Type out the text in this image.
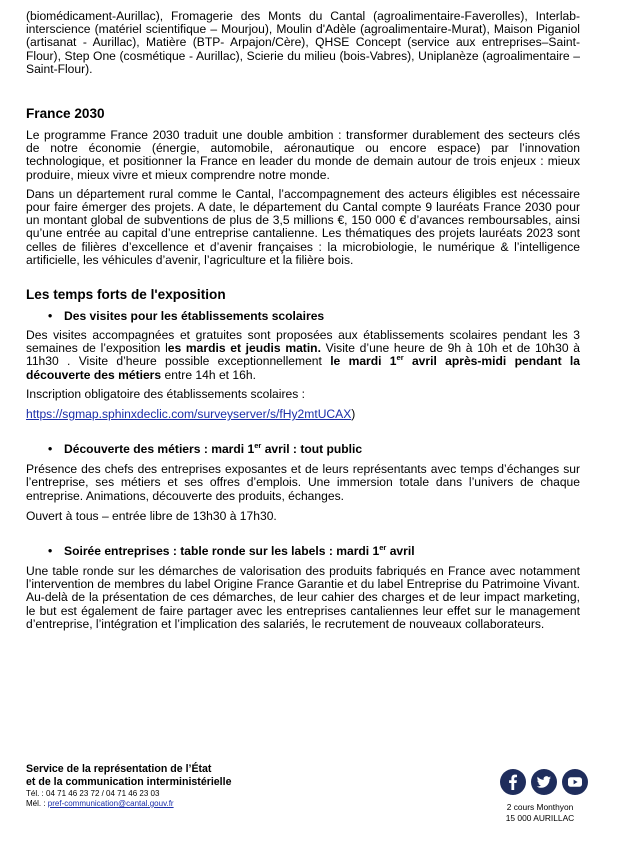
(biomédicament-Aurillac), Fromagerie des Monts du Cantal (agroalimentaire-Faverolles), Interlab-interscience (matériel scientifique – Mourjou), Moulin d'Adèle (agroalimentaire-Murat), Maison Piganiol (artisanat - Aurillac), Matière (BTP- Arpajon/Cère), QHSE Concept (service aux entreprises–Saint-Flour), Step One (cosmétique - Aurillac), Scierie du milieu (bois-Vabres), Uniplanèze (agroalimentaire – Saint-Flour).

France 2030

Le programme France 2030 traduit une double ambition : transformer durablement des secteurs clés de notre économie (énergie, automobile, aéronautique ou encore espace) par l’innovation technologique, et positionner la France en leader du monde de demain autour de trois enjeux : mieux produire, mieux vivre et mieux comprendre notre monde.

Dans un département rural comme le Cantal, l’accompagnement des acteurs éligibles est nécessaire pour faire émerger des projets. A date, le département du Cantal compte 9 lauréats France 2030 pour un montant global de subventions de plus de 3,5 millions €, 150 000 € d’avances remboursables, ainsi qu’une entrée au capital d’une entreprise cantalienne. Les thématiques des projets lauréats 2023 sont celles de filières d’excellence et d’avenir françaises : la microbiologie, le numérique & l’intelligence artificielle, les véhicules d’avenir, l’agriculture et la filière bois.

Les temps forts de l'exposition
• Des visites pour les établissements scolaires

Des visites accompagnées et gratuites sont proposées aux établissements scolaires pendant les 3 semaines de l’exposition les mardis et jeudis matin. Visite d’une heure de 9h à 10h et de 10h30 à 11h30 . Visite d’heure possible exceptionnellement le mardi 1er avril après-midi pendant la découverte des métiers entre 14h et 16h.

Inscription obligatoire des établissements scolaires :

https://sgmap.sphinxdeclic.com/surveyserver/s/fHy2mtUCAX)

• Découverte des métiers : mardi 1er avril : tout public

Présence des chefs des entreprises exposantes et de leurs représentants avec temps d’échanges sur l’entreprise, ses métiers et ses offres d’emplois. Une immersion totale dans l’univers de chaque entreprise. Animations, découverte des produits, échanges.

Ouvert à tous – entrée libre de 13h30 à 17h30.

• Soirée entreprises : table ronde sur les labels : mardi 1er avril

Une table ronde sur les démarches de valorisation des produits fabriqués en France avec notamment l’intervention de membres du label Origine France Garantie et du label Entreprise du Patrimoine Vivant. Au-delà de la présentation de ces démarches, de leur cahier des charges et de leur impact marketing, le but est également de faire partager avec les entreprises cantaliennes leur effet sur le management d’entreprise, l’intégration et l’implication des salariés, le recrutement de nouveaux collaborateurs.

Service de la représentation de l’État
et de la communication interministérielle
Tél. : 04 71 46 23 72 / 04 71 46 23 03
Mél. : pref-communication@cantal.gouv.fr	2 cours Monthyon
15 000 AURILLAC
